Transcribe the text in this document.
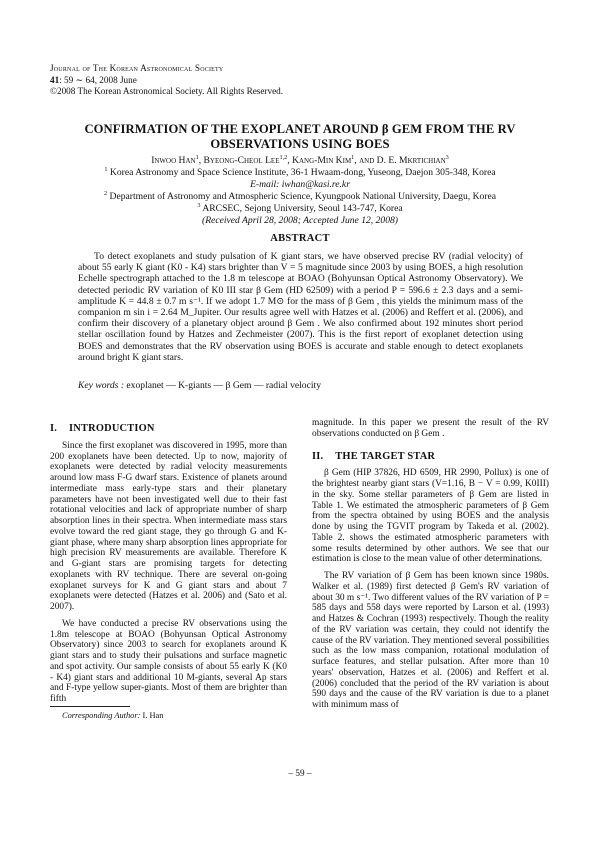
Journal of The Korean Astronomical Society
41: 59 ∼ 64, 2008 June
©2008 The Korean Astronomical Society. All Rights Reserved.
CONFIRMATION OF THE EXOPLANET AROUND β GEM FROM THE RV
OBSERVATIONS USING BOES
Inwoo Han$^1$, Byeong-Cheol Lee$^{1,2}$, Kang-Min Kim$^1$, and D. E. Mkrtichian$^3$
$^1$ Korea Astronomy and Space Science Institute, 36-1 Hwaam-dong, Yuseong, Daejon 305-348, Korea
E-mail: iwhan@kasi.re.kr
$^2$ Department of Astronomy and Atmospheric Science, Kyungpook National University, Daegu, Korea
$^3$ ARCSEC, Sejong University, Seoul 143-747, Korea
(Received April 28, 2008; Accepted June 12, 2008)
ABSTRACT

To detect exoplanets and study pulsation of K giant stars, we have observed precise RV (radial velocity) of about 55 early K giant (K0 - K4) stars brighter than V = 5 magnitude since 2003 by using BOES, a high resolution Echelle spectrograph attached to the 1.8 m telescope at BOAO (Bohyunsan Optical Astronomy Observatory). We detected periodic RV variation of K0 III star β Gem (HD 62509) with a period P = 596.6 ± 2.3 days and a semi-amplitude K = 44.8 ± 0.7 m s⁻¹. If we adopt 1.7 M⊙ for the mass of β Gem , this yields the minimum mass of the companion m sin i = 2.64 M_Jupiter. Our results agree well with Hatzes et al. (2006) and Reffert et al. (2006), and confirm their discovery of a planetary object around β Gem . We also confirmed about 192 minutes short period stellar oscillation found by Hatzes and Zechmeister (2007). This is the first report of exoplanet detection using BOES and demonstrates that the RV observation using BOES is accurate and stable enough to detect exoplanets around bright K giant stars.

Key words : exoplanet — K-giants — β Gem — radial velocity
I. INTRODUCTION

Since the first exoplanet was discovered in 1995, more than 200 exoplanets have been detected. Up to now, majority of exoplanets were detected by radial velocity measurements around low mass F-G dwarf stars. Existence of planets around intermediate mass early-type stars and their planetary parameters have not been investigated well due to their fast rotational velocities and lack of appropriate number of sharp absorption lines in their spectra. When intermediate mass stars evolve toward the red giant stage, they go through G and K-giant phase, where many sharp absorption lines appropriate for high precision RV measurements are available. Therefore K and G-giant stars are promising targets for detecting exoplanets with RV technique. There are several on-going exoplanet surveys for K and G giant stars and about 7 exoplanets were detected (Hatzes et al. 2006) and (Sato et al. 2007).

We have conducted a precise RV observations using the 1.8m telescope at BOAO (Bohyunsan Optical Astronomy Observatory) since 2003 to search for exoplanets around K giant stars and to study their pulsations and surface magnetic and spot activity. Our sample consists of about 55 early K (K0 - K4) giant stars and additional 10 M-giants, several Ap stars and F-type yellow super-giants. Most of them are brighter than fifth

magnitude. In this paper we present the result of the RV observations conducted on β Gem .

II. THE TARGET STAR

β Gem (HIP 37826, HD 6509, HR 2990, Pollux) is one of the brightest nearby giant stars (V=1.16, B − V = 0.99, K0III) in the sky. Some stellar parameters of β Gem are listed in Table 1. We estimated the atmospheric parameters of β Gem from the spectra obtained by using BOES and the analysis done by using the TGVIT program by Takeda et al. (2002). Table 2. shows the estimated atmospheric parameters with some results determined by other authors. We see that our estimation is close to the mean value of other determinations.

The RV variation of β Gem has been known since 1980s. Walker et al. (1989) first detected β Gem's RV variation of about 30 m s⁻¹. Two different values of the RV variation of P = 585 days and 558 days were reported by Larson et al. (1993) and Hatzes & Cochran (1993) respectively. Though the reality of the RV variation was certain, they could not identify the cause of the RV variation. They mentioned several possibilities such as the low mass companion, rotational modulation of surface features, and stellar pulsation. After more than 10 years' observation, Hatzes et al. (2006) and Reffert et al. (2006) concluded that the period of the RV variation is about 590 days and the cause of the RV variation is due to a planet with minimum mass of

Corresponding Author: I. Han
– 59 –
